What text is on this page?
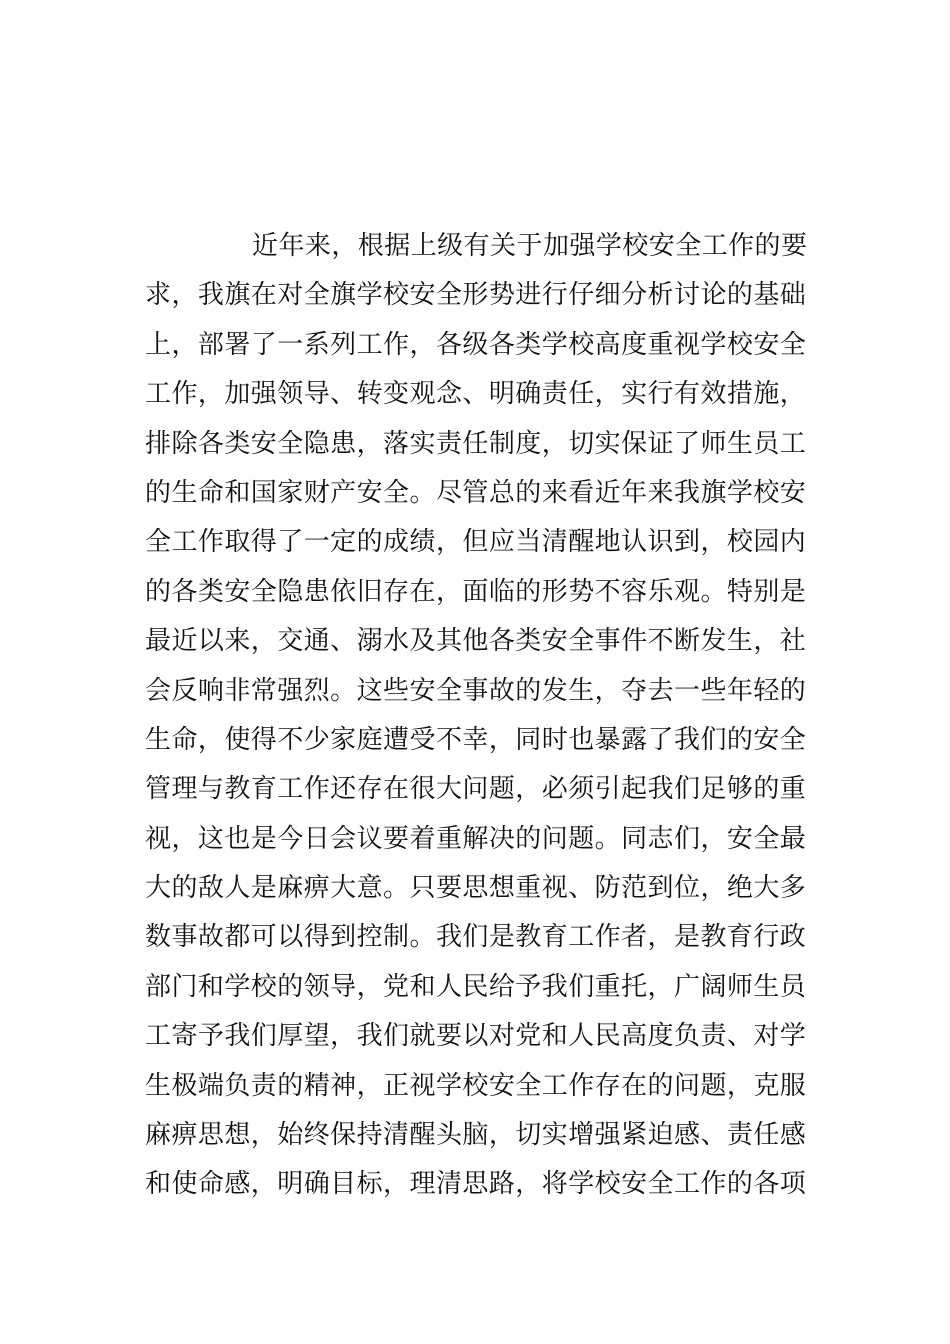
近年来，根据上级有关于加强学校安全工作的要
求，我旗在对全旗学校安全形势进行仔细分析讨论的基础
上，部署了一系列工作，各级各类学校高度重视学校安全
工作，加强领导、转变观念、明确责任，实行有效措施，
排除各类安全隐患，落实责任制度，切实保证了师生员工
的生命和国家财产安全。尽管总的来看近年来我旗学校安
全工作取得了一定的成绩，但应当清醒地认识到，校园内
的各类安全隐患依旧存在，面临的形势不容乐观。特别是
最近以来，交通、溺水及其他各类安全事件不断发生，社
会反响非常强烈。这些安全事故的发生，夺去一些年轻的
生命，使得不少家庭遭受不幸，同时也暴露了我们的安全
管理与教育工作还存在很大问题，必须引起我们足够的重
视，这也是今日会议要着重解决的问题。同志们，安全最
大的敌人是麻痹大意。只要思想重视、防范到位，绝大多
数事故都可以得到控制。我们是教育工作者，是教育行政
部门和学校的领导，党和人民给予我们重托，广阔师生员
工寄予我们厚望，我们就要以对党和人民高度负责、对学
生极端负责的精神，正视学校安全工作存在的问题，克服
麻痹思想，始终保持清醒头脑，切实增强紧迫感、责任感
和使命感，明确目标，理清思路，将学校安全工作的各项
